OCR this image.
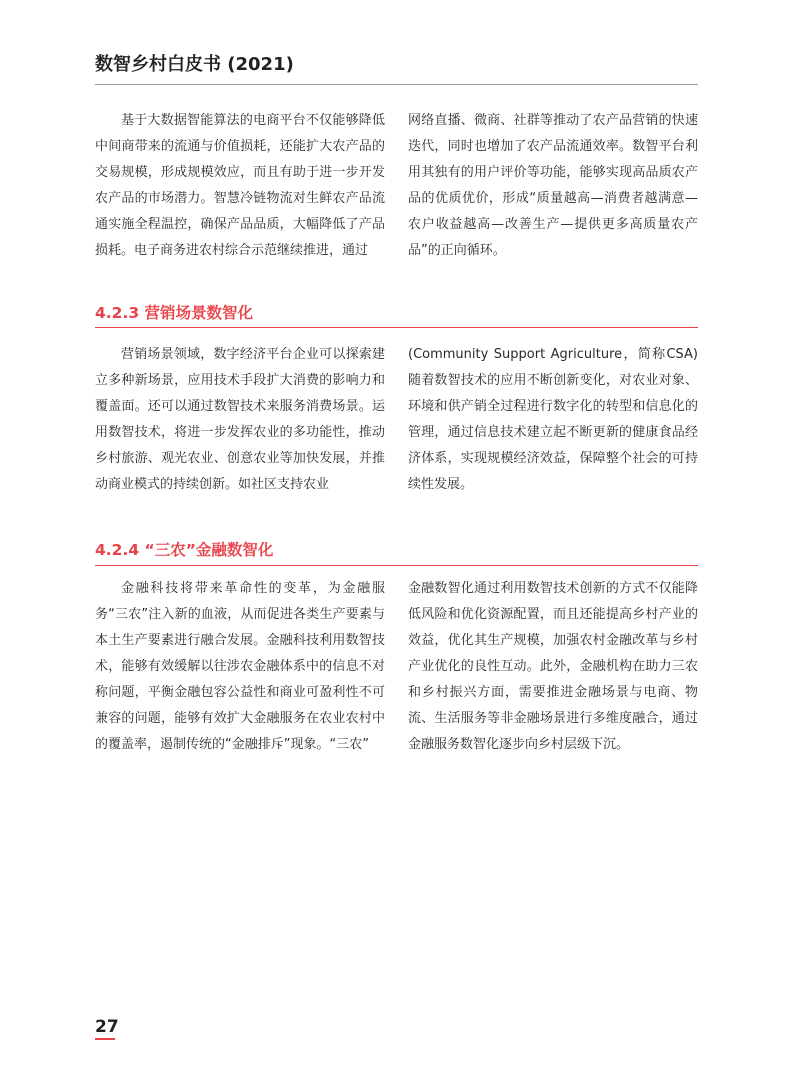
数智乡村白皮书 (2021)

基于大数据智能算法的电商平台不仅能够降低中间商带来的流通与价值损耗，还能扩大农产品的交易规模，形成规模效应，而且有助于进一步开发农产品的市场潜力。智慧冷链物流对生鲜农产品流通实施全程温控，确保产品品质，大幅降低了产品损耗。电子商务进农村综合示范继续推进，通过

网络直播、微商、社群等推动了农产品营销的快速迭代，同时也增加了农产品流通效率。数智平台利用其独有的用户评价等功能，能够实现高品质农产品的优质优价，形成“质量越高—消费者越满意—农户收益越高—改善生产—提供更多高质量农产品”的正向循环。

4.2.3 营销场景数智化

营销场景领域，数字经济平台企业可以探索建立多种新场景，应用技术手段扩大消费的影响力和覆盖面。还可以通过数智技术来服务消费场景。运用数智技术，将进一步发挥农业的多功能性，推动乡村旅游、观光农业、创意农业等加快发展，并推动商业模式的持续创新。如社区支持农业

(Community Support Agriculture，简称CSA)随着数智技术的应用不断创新变化，对农业对象、环境和供产销全过程进行数字化的转型和信息化的管理，通过信息技术建立起不断更新的健康食品经济体系，实现规模经济效益，保障整个社会的可持续性发展。

4.2.4 “三农”金融数智化

金融科技将带来革命性的变革，为金融服务“三农”注入新的血液，从而促进各类生产要素与本土生产要素进行融合发展。金融科技利用数智技术，能够有效缓解以往涉农金融体系中的信息不对称问题，平衡金融包容公益性和商业可盈利性不可兼容的问题，能够有效扩大金融服务在农业农村中的覆盖率，遏制传统的“金融排斥”现象。“三农”

金融数智化通过利用数智技术创新的方式不仅能降低风险和优化资源配置，而且还能提高乡村产业的效益，优化其生产规模，加强农村金融改革与乡村产业优化的良性互动。此外，金融机构在助力三农和乡村振兴方面，需要推进金融场景与电商、物流、生活服务等非金融场景进行多维度融合，通过金融服务数智化逐步向乡村层级下沉。

27
